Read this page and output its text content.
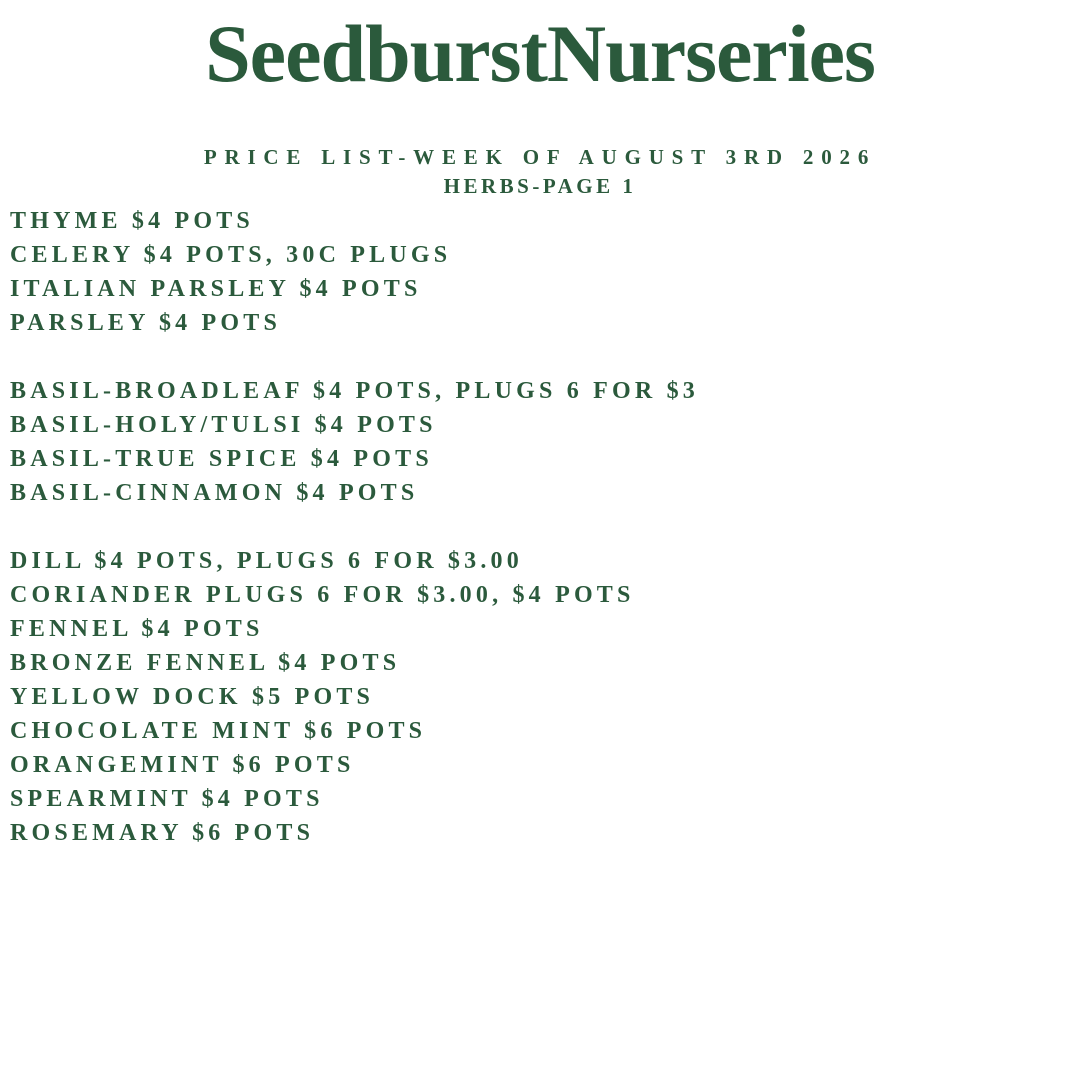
SeedburstNurseries

PRICE LIST-WEEK OF AUGUST 3RD 2026

HERBS-PAGE 1

THYME $4 POTS
CELERY $4 POTS, 30C PLUGS
ITALIAN PARSLEY $4 POTS
PARSLEY $4 POTS
BASIL-BROADLEAF $4 POTS, PLUGS 6 FOR $3
BASIL-HOLY/TULSI $4 POTS
BASIL-TRUE SPICE $4 POTS
BASIL-CINNAMON $4 POTS
DILL $4 POTS, PLUGS 6 FOR $3.00
CORIANDER PLUGS 6 FOR $3.00, $4 POTS
FENNEL $4 POTS
BRONZE FENNEL $4 POTS
YELLOW DOCK $5 POTS
CHOCOLATE MINT $6 POTS
ORANGEMINT $6 POTS
SPEARMINT $4 POTS
ROSEMARY $6 POTS
